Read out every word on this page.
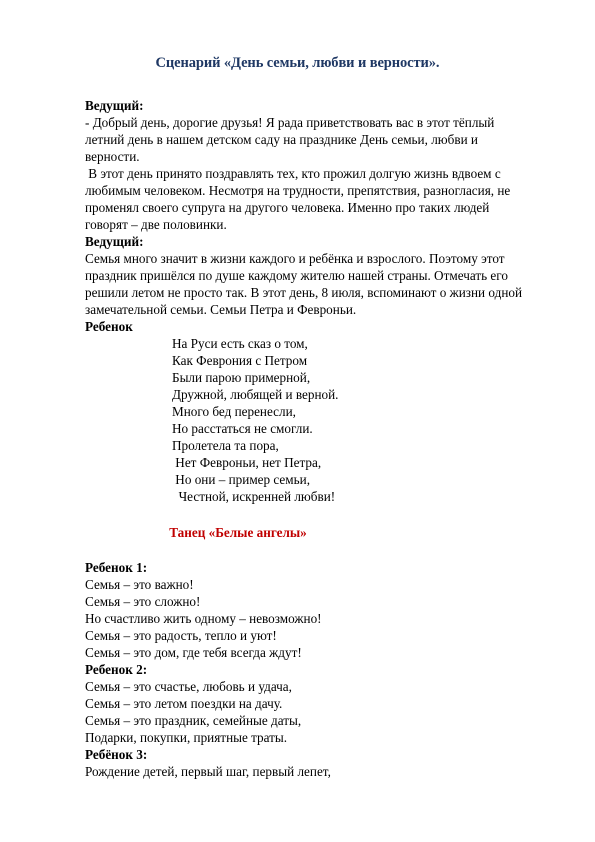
Сценарий «День семьи, любви и верности».
Ведущий:
- Добрый день, дорогие друзья! Я рада приветствовать вас в этот тёплый
летний день в нашем детском саду на празднике День семьи, любви и
верности.
В этот день принято поздравлять тех, кто прожил долгую жизнь вдвоем с
любимым человеком. Несмотря на трудности, препятствия, разногласия, не
променял своего супруга на другого человека. Именно про таких людей
говорят – две половинки.
Ведущий:
Семья много значит в жизни каждого и ребёнка и взрослого. Поэтому этот
праздник пришёлся по душе каждому жителю нашей страны. Отмечать его
решили летом не просто так. В этот день, 8 июля, вспоминают о жизни одной
замечательной семьи. Семьи Петра и Февроньи.
Ребенок
На Руси есть сказ о том,
Как Феврония с Петром
Были парою примерной,
Дружной, любящей и верной.
Много бед перенесли,
Но расстаться не смогли.
Пролетела та пора,
Нет Февроньи, нет Петра,
Но они – пример семьи,
Честной, искренней любви!
Танец «Белые ангелы»
Ребенок 1:
Семья – это важно!
Семья – это сложно!
Но счастливо жить одному – невозможно!
Семья – это радость, тепло и уют!
Семья – это дом, где тебя всегда ждут!
Ребенок 2:
Семья – это счастье, любовь и удача,
Семья – это летом поездки на дачу.
Семья – это праздник, семейные даты,
Подарки, покупки, приятные траты.
Ребёнок 3:
Рождение детей, первый шаг, первый лепет,
